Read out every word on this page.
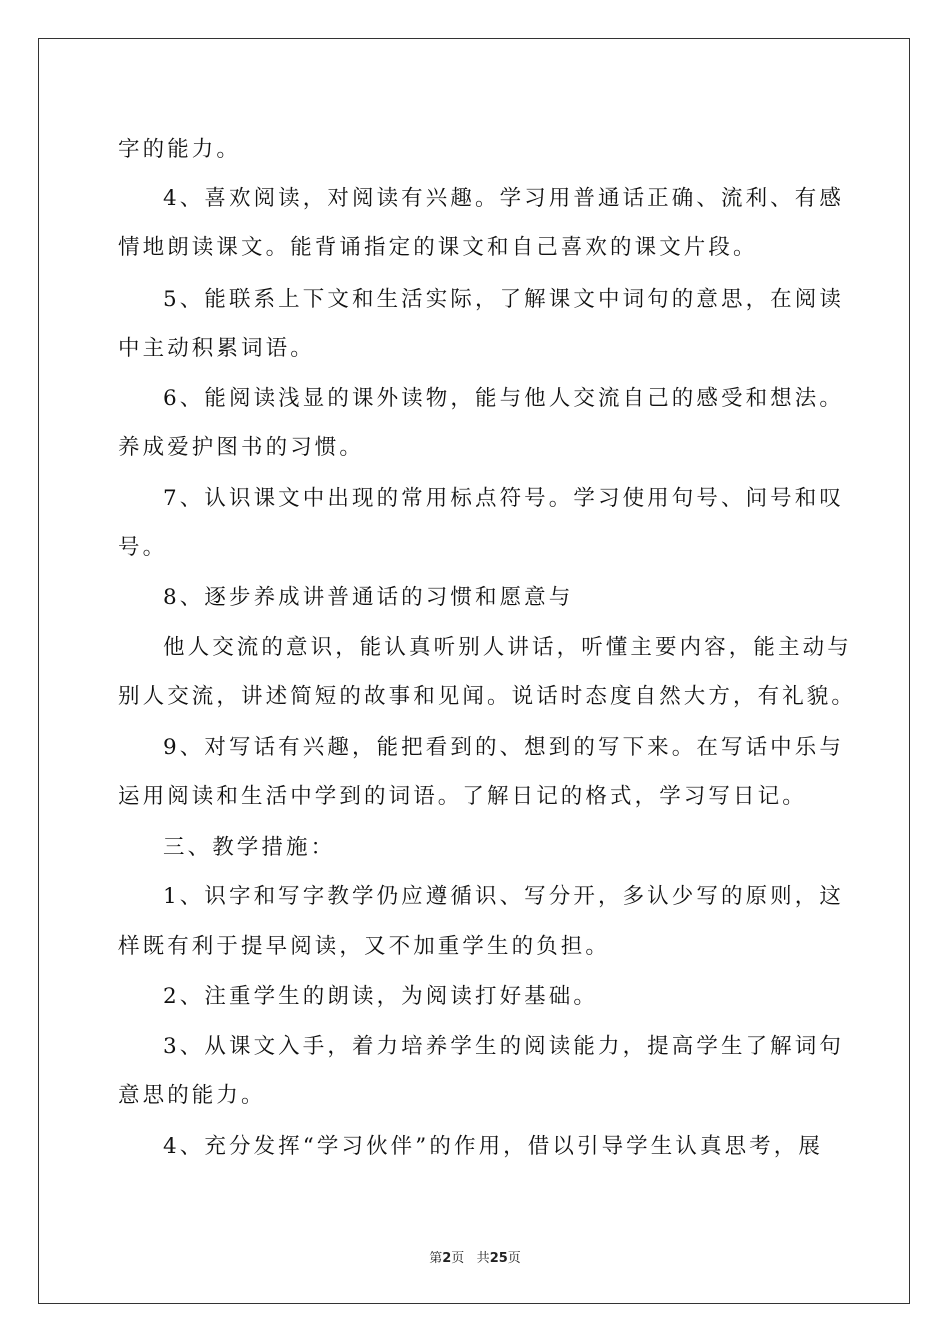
字的能力。
4、喜欢阅读，对阅读有兴趣。学习用普通话正确、流利、有感
情地朗读课文。能背诵指定的课文和自己喜欢的课文片段。
5、能联系上下文和生活实际，了解课文中词句的意思，在阅读
中主动积累词语。
6、能阅读浅显的课外读物，能与他人交流自己的感受和想法。
养成爱护图书的习惯。
7、认识课文中出现的常用标点符号。学习使用句号、问号和叹
号。
8、逐步养成讲普通话的习惯和愿意与
他人交流的意识，能认真听别人讲话，听懂主要内容，能主动与
别人交流，讲述简短的故事和见闻。说话时态度自然大方，有礼貌。
9、对写话有兴趣，能把看到的、想到的写下来。在写话中乐与
运用阅读和生活中学到的词语。了解日记的格式，学习写日记。
三、教学措施：
1、识字和写字教学仍应遵循识、写分开，多认少写的原则，这
样既有利于提早阅读，又不加重学生的负担。
2、注重学生的朗读，为阅读打好基础。
3、从课文入手，着力培养学生的阅读能力，提高学生了解词句
意思的能力。
4、充分发挥“学习伙伴”的作用，借以引导学生认真思考，展
第2页 共25页
